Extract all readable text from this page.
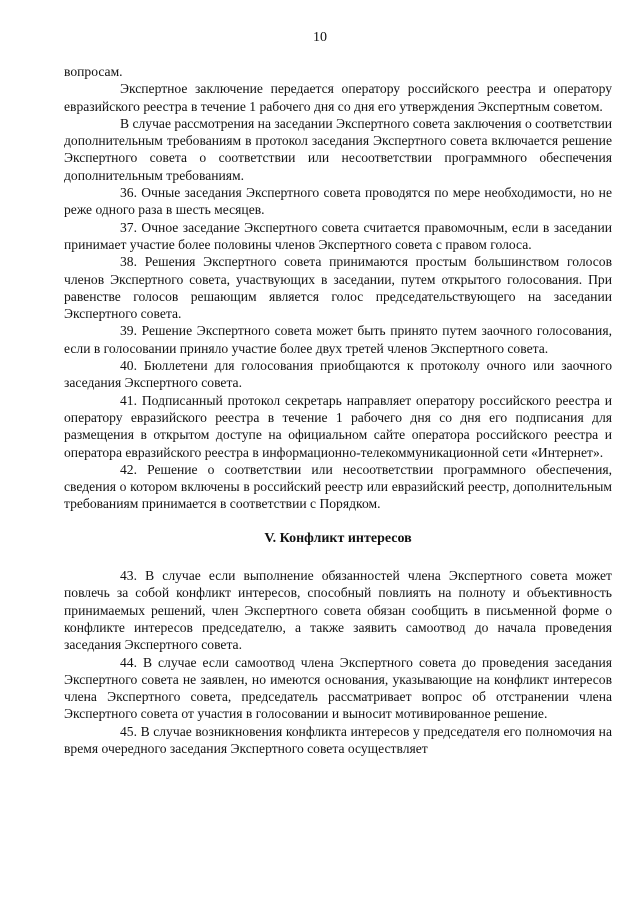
10

вопросам.

Экспертное заключение передается оператору российского реестра и оператору евразийского реестра в течение 1 рабочего дня со дня его утверждения Экспертным советом.

В случае рассмотрения на заседании Экспертного совета заключения о соответствии дополнительным требованиям в протокол заседания Экспертного совета включается решение Экспертного совета о соответствии или несоответствии программного обеспечения дополнительным требованиям.

36. Очные заседания Экспертного совета проводятся по мере необходимости, но не реже одного раза в шесть месяцев.

37. Очное заседание Экспертного совета считается правомочным, если в заседании принимает участие более половины членов Экспертного совета с правом голоса.

38. Решения Экспертного совета принимаются простым большинством голосов членов Экспертного совета, участвующих в заседании, путем открытого голосования. При равенстве голосов решающим является голос председательствующего на заседании Экспертного совета.

39. Решение Экспертного совета может быть принято путем заочного голосования, если в голосовании приняло участие более двух третей членов Экспертного совета.

40. Бюллетени для голосования приобщаются к протоколу очного или заочного заседания Экспертного совета.

41. Подписанный протокол секретарь направляет оператору российского реестра и оператору евразийского реестра в течение 1 рабочего дня со дня его подписания для размещения в открытом доступе на официальном сайте оператора российского реестра и оператора евразийского реестра в информационно-телекоммуникационной сети «Интернет».

42. Решение о соответствии или несоответствии программного обеспечения, сведения о котором включены в российский реестр или евразийский реестр, дополнительным требованиям принимается в соответствии с Порядком.

V. Конфликт интересов

43. В случае если выполнение обязанностей члена Экспертного совета может повлечь за собой конфликт интересов, способный повлиять на полноту и объективность принимаемых решений, член Экспертного совета обязан сообщить в письменной форме о конфликте интересов председателю, а также заявить самоотвод до начала проведения заседания Экспертного совета.

44. В случае если самоотвод члена Экспертного совета до проведения заседания Экспертного совета не заявлен, но имеются основания, указывающие на конфликт интересов члена Экспертного совета, председатель рассматривает вопрос об отстранении члена Экспертного совета от участия в голосовании и выносит мотивированное решение.

45. В случае возникновения конфликта интересов у председателя его полномочия на время очередного заседания Экспертного совета осуществляет
